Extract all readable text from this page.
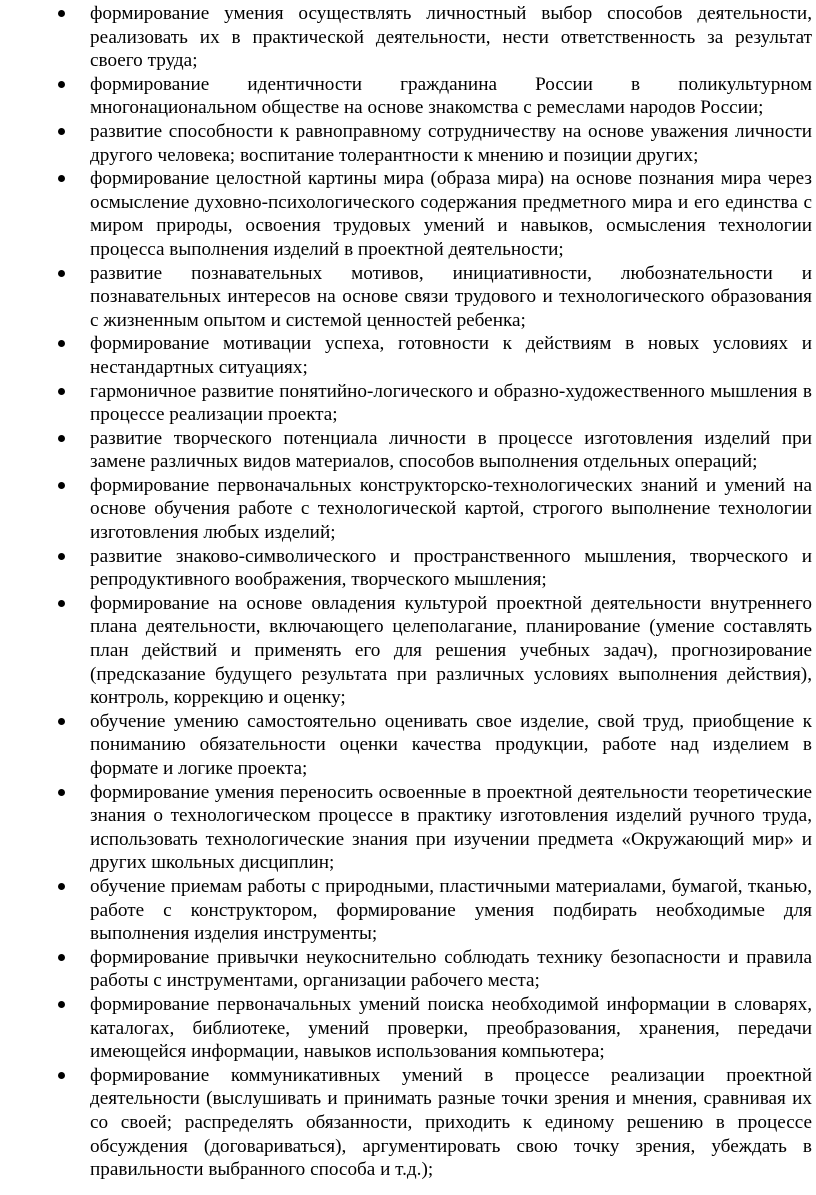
формирование умения осуществлять личностный выбор способов деятельности, реализовать их в практической деятельности, нести ответственность за результат своего труда;
формирование идентичности гражданина России в поликультурном многонациональном обществе на основе знакомства с ремеслами народов России;
развитие способности к равноправному сотрудничеству на основе уважения личности другого человека; воспитание толерантности к мнению и позиции других;
формирование целостной картины мира (образа мира) на основе познания мира через осмысление духовно-психологического содержания предметного мира и его единства с миром природы, освоения трудовых умений и навыков, осмысления технологии процесса выполнения изделий в проектной деятельности;
развитие познавательных мотивов, инициативности, любознательности и познавательных интересов на основе связи трудового и технологического образования с жизненным опытом и системой ценностей ребенка;
формирование мотивации успеха, готовности к действиям в новых условиях и нестандартных ситуациях;
гармоничное развитие понятийно-логического и образно-художественного мышления в процессе реализации проекта;
развитие творческого потенциала личности в процессе изготовления изделий при замене различных видов материалов, способов выполнения отдельных операций;
формирование первоначальных конструкторско-технологических знаний и умений на основе обучения работе с технологической картой, строгого выполнение технологии изготовления любых изделий;
развитие знаково-символического и пространственного мышления, творческого и репродуктивного воображения, творческого мышления;
формирование на основе овладения культурой проектной деятельности внутреннего плана деятельности, включающего целеполагание, планирование (умение составлять план действий и применять его для решения учебных задач), прогнозирование (предсказание будущего результата при различных условиях выполнения действия), контроль, коррекцию и оценку;
обучение умению самостоятельно оценивать свое изделие, свой труд, приобщение к пониманию обязательности оценки качества продукции, работе над изделием в формате и логике проекта;
формирование умения переносить освоенные в проектной деятельности теоретические знания о технологическом процессе в практику изготовления изделий ручного труда, использовать технологические знания при изучении предмета «Окружающий мир» и других школьных дисциплин;
обучение приемам работы с природными, пластичными материалами, бумагой, тканью, работе с конструктором, формирование умения подбирать необходимые для выполнения изделия инструменты;
формирование привычки неукоснительно соблюдать технику безопасности и правила работы с инструментами, организации рабочего места;
формирование первоначальных умений поиска необходимой информации в словарях, каталогах, библиотеке, умений проверки, преобразования, хранения, передачи имеющейся информации, навыков использования компьютера;
формирование коммуникативных умений в процессе реализации проектной деятельности (выслушивать и принимать разные точки зрения и мнения, сравнивая их со своей; распределять обязанности, приходить к единому решению в процессе обсуждения (договариваться), аргументировать свою точку зрения, убеждать в правильности выбранного способа и т.д.);
